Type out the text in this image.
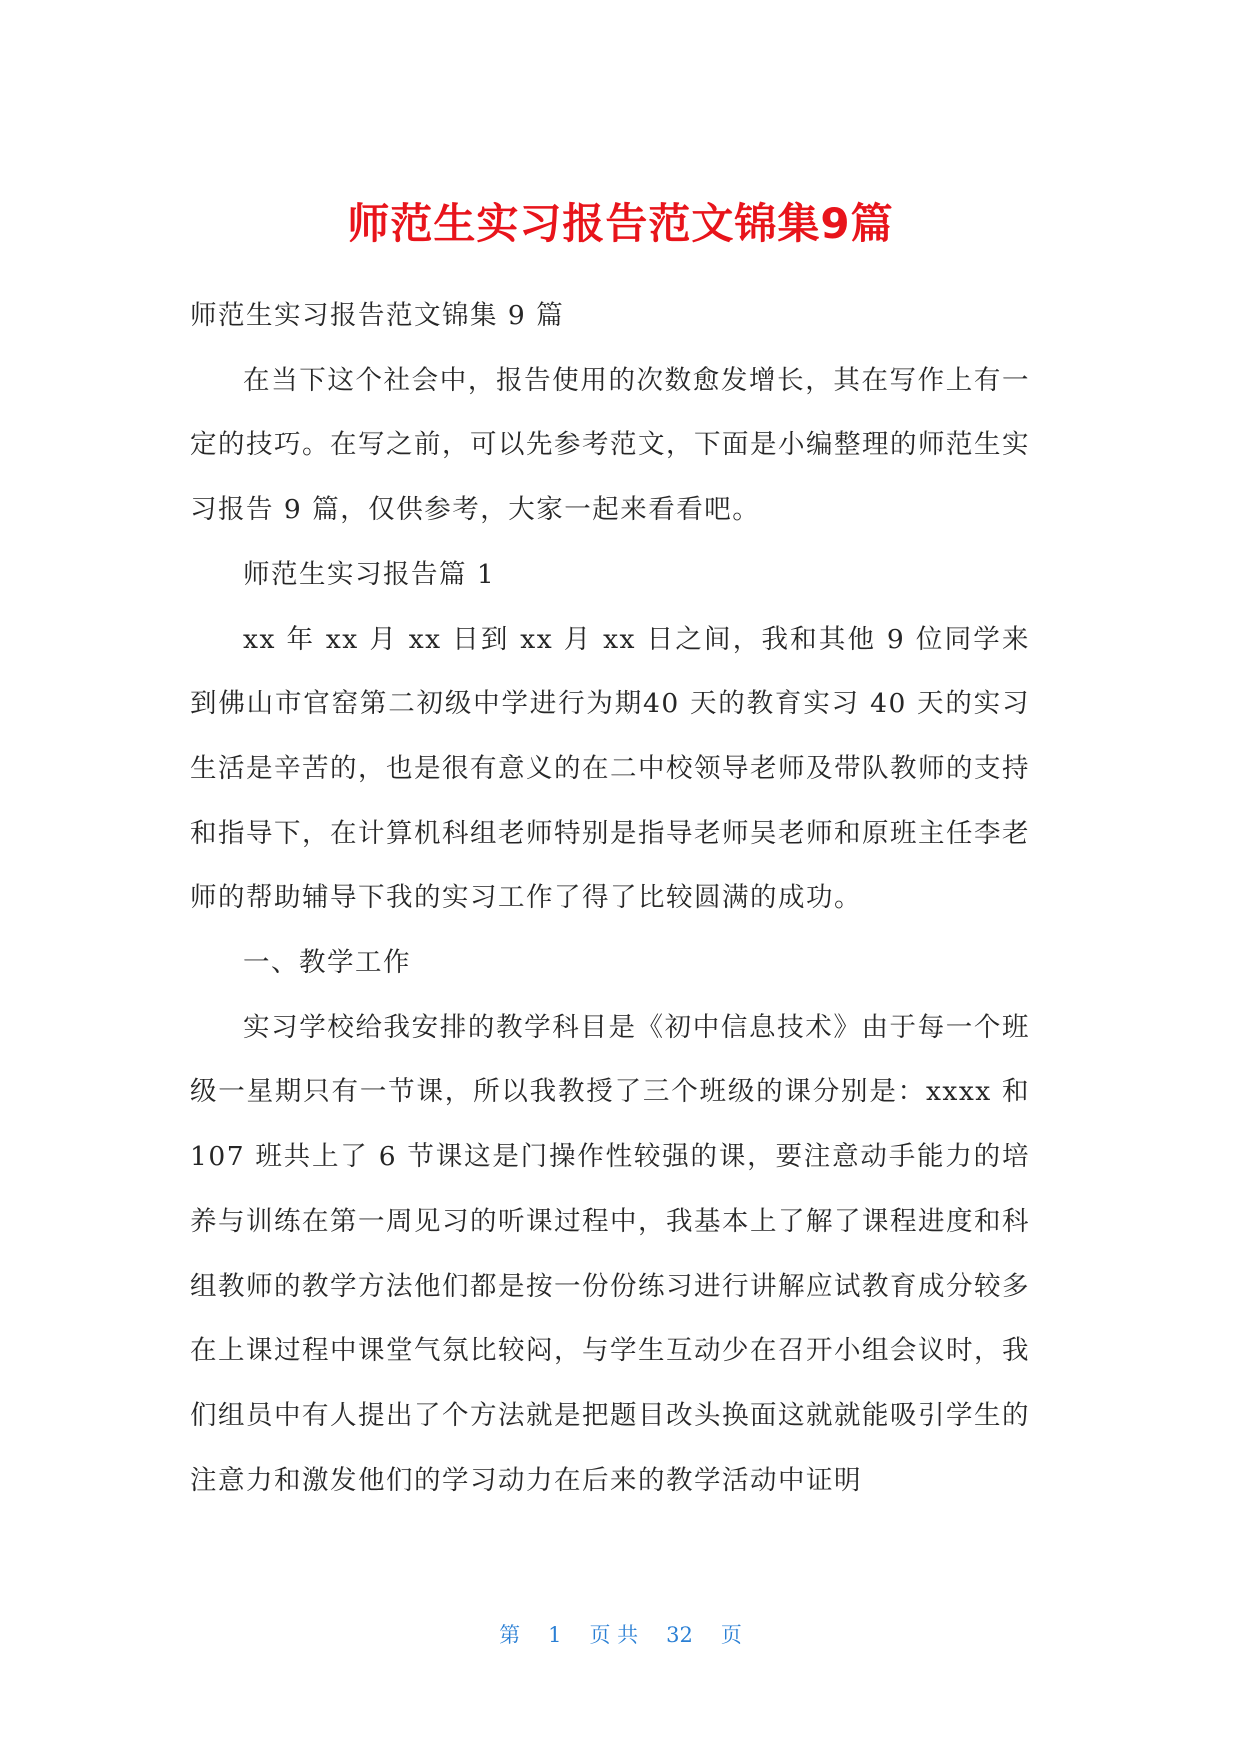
师范生实习报告范文锦集9篇

师范生实习报告范文锦集 9 篇

在当下这个社会中，报告使用的次数愈发增长，其在写作上有一定的技巧。在写之前，可以先参考范文，下面是小编整理的师范生实习报告 9 篇，仅供参考，大家一起来看看吧。

师范生实习报告篇 1

xx 年 xx 月 xx 日到 xx 月 xx 日之间，我和其他 9 位同学来到佛山市官窑第二初级中学进行为期40 天的教育实习 40 天的实习生活是辛苦的，也是很有意义的在二中校领导老师及带队教师的支持和指导下，在计算机科组老师特别是指导老师吴老师和原班主任李老师的帮助辅导下我的实习工作了得了比较圆满的成功。

一、教学工作

实习学校给我安排的教学科目是《初中信息技术》由于每一个班级一星期只有一节课，所以我教授了三个班级的课分别是：xxxx 和 107 班共上了 6 节课这是门操作性较强的课，要注意动手能力的培养与训练在第一周见习的听课过程中，我基本上了解了课程进度和科组教师的教学方法他们都是按一份份练习进行讲解应试教育成分较多在上课过程中课堂气氛比较闷，与学生互动少在召开小组会议时，我们组员中有人提出了个方法就是把题目改头换面这就就能吸引学生的注意力和激发他们的学习动力在后来的教学活动中证明

第 1 页 共 32 页
